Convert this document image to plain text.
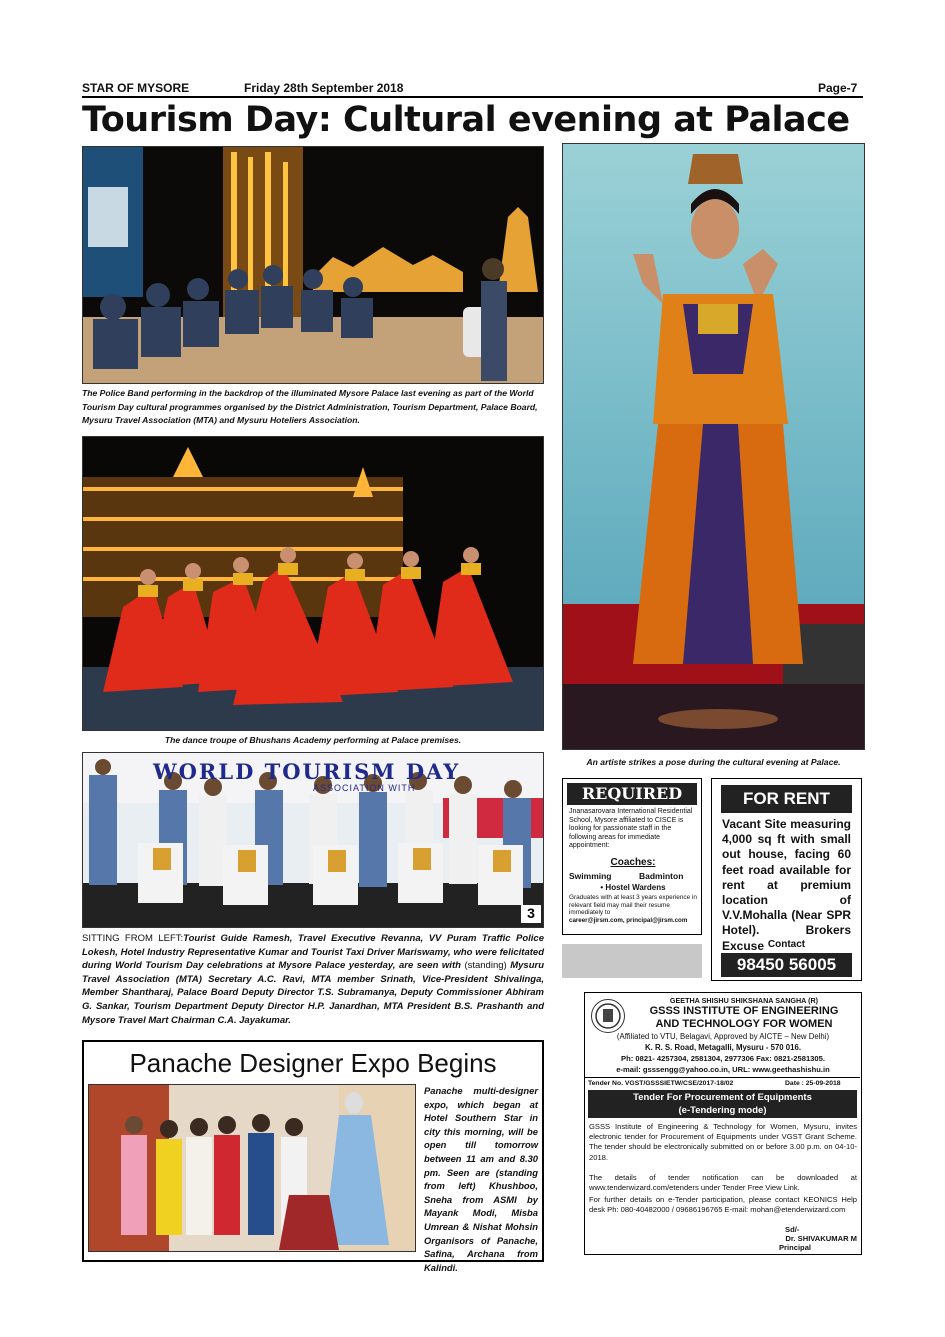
STAR OF MYSORE	Friday 28th September 2018	Page-7
Tourism Day: Cultural evening at Palace
The Police Band performing in the backdrop of the illuminated Mysore Palace last evening as part of the World Tourism Day cultural programmes organised by the District Administration, Tourism Department, Palace Board, Mysuru Travel Association (MTA) and Mysuru Hoteliers Association.
The dance troupe of Bhushans Academy performing at Palace premises.
An artiste strikes a pose during the cultural evening at Palace.
WORLD TOURISM DAY
ASSOCIATION WITH
3
SITTING FROM LEFT:Tourist Guide Ramesh, Travel Executive Revanna, VV Puram Traffic Police Lokesh, Hotel Industry Representative Kumar and Tourist Taxi Driver Mariswamy, who were felicitated during World Tourism Day celebrations at Mysore Palace yesterday, are seen with (standing) Mysuru Travel Association (MTA) Secretary A.C. Ravi, MTA member Srinath, Vice-President Shivalinga, Member Shantharaj, Palace Board Deputy Director T.S. Subramanya, Deputy Commissioner Abhiram G. Sankar, Tourism Department Deputy Director H.P. Janardhan, MTA President B.S. Prashanth and Mysore Travel Mart Chairman C.A. Jayakumar.
Panache Designer Expo Begins
Panache multi-designer expo, which began at Hotel Southern Star in city this morning, will be open till tomorrow between 11 am and 8.30 pm. Seen are (standing from left) Khushboo, Sneha from ASMI by Mayank Modi, Misba Umrean & Nishat Mohsin Organisors of Panache, Safina, Archana from Kalindi.
REQUIRED
Jnanasarovara International Residential School, Mysore affiliated to CISCE is looking for passionate staff in the following areas for immediate appointment:
Coaches:
Swimming	Badminton
• Hostel Wardens
Graduates with at least 3 years experience in relevant field may mail their resume immediately to
career@jirsm.com, principal@jirsm.com
FOR RENT
Vacant Site measuring 4,000 sq ft with small out house, facing 60 feet road available for rent at premium location of V.V.Mohalla (Near SPR Hotel). Brokers Excuse Contact
98450 56005
GEETHA SHISHU SHIKSHANA SANGHA (R)
GSSS INSTITUTE OF ENGINEERING
AND TECHNOLOGY FOR WOMEN
(Affiliated to VTU, Belagavi, Approved by AICTE – New Delhi)
K. R. S. Road, Metagalli, Mysuru - 570 016.
Ph: 0821- 4257304, 2581304, 2977306 Fax: 0821-2581305.
e-mail: gsssengg@yahoo.co.in, URL: www.geethashishu.in
Tender No. VGST/GSSSIETW/CSE/2017-18/02	Date : 25-09-2018
Tender For Procurement of Equipments
(e-Tendering mode)
GSSS Institute of Engineering & Technology for Women, Mysuru, invites electronic tender for Procurement of Equipments under VGST Grant Scheme. The tender should be electronically submitted on or before 3.00 p.m. on 04-10-2018.
The details of tender notification can be downloaded at www.tenderwizard.com/etenders under Tender Free View Link.
For further details on e-Tender participation, please contact KEONICS Help desk Ph: 080-40482000 / 09686196765 E-mail: mohan@etenderwizard.com
Sd/-
Dr. SHIVAKUMAR M
Principal
